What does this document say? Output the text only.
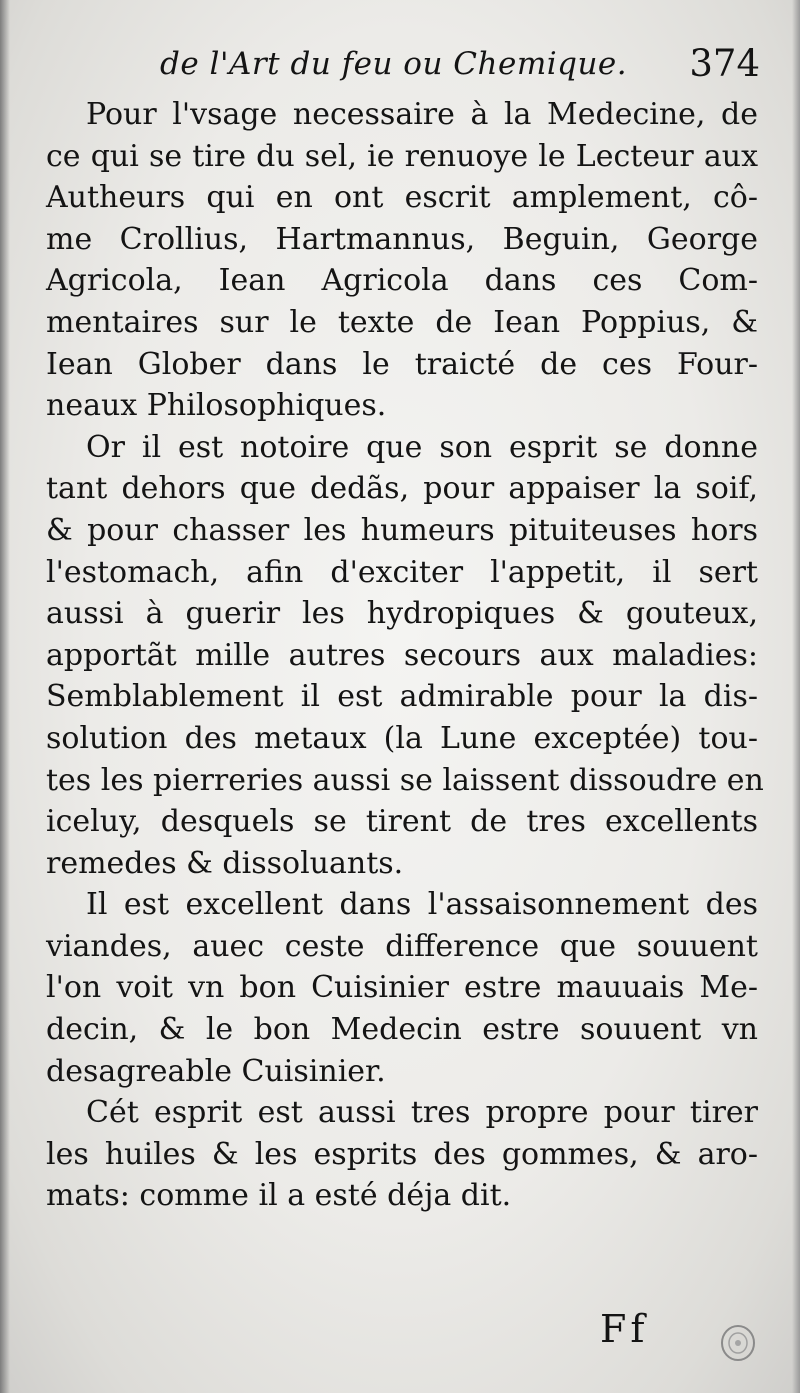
de l'Art du feu ou Chemique. 374
Pour l'vsage necessaire à la Medecine, de
ce qui se tire du sel, ie renuoye le Lecteur aux
Autheurs qui en ont escrit amplement, cô-
me Crollius, Hartmannus, Beguin, George
Agricola, Iean Agricola dans ces Com-
mentaires sur le texte de Iean Poppius, &
Iean Glober dans le traicté de ces Four-
neaux Philosophiques.
Or il est notoire que son esprit se donne
tant dehors que dedãs, pour appaiser la soif,
& pour chasser les humeurs pituiteuses hors
l'estomach, afin d'exciter l'appetit, il sert
aussi à guerir les hydropiques & gouteux,
apportãt mille autres secours aux maladies:
Semblablement il est admirable pour la dis-
solution des metaux (la Lune exceptée) tou-
tes les pierreries aussi se laissent dissoudre en
iceluy, desquels se tirent de tres excellents
remedes & dissoluants.
Il est excellent dans l'assaisonnement des
viandes, auec ceste difference que souuent
l'on voit vn bon Cuisinier estre mauuais Me-
decin, & le bon Medecin estre souuent vn
desagreable Cuisinier.
Cét esprit est aussi tres propre pour tirer
les huiles & les esprits des gommes, & aro-
mats: comme il a esté déja dit.
Ff
